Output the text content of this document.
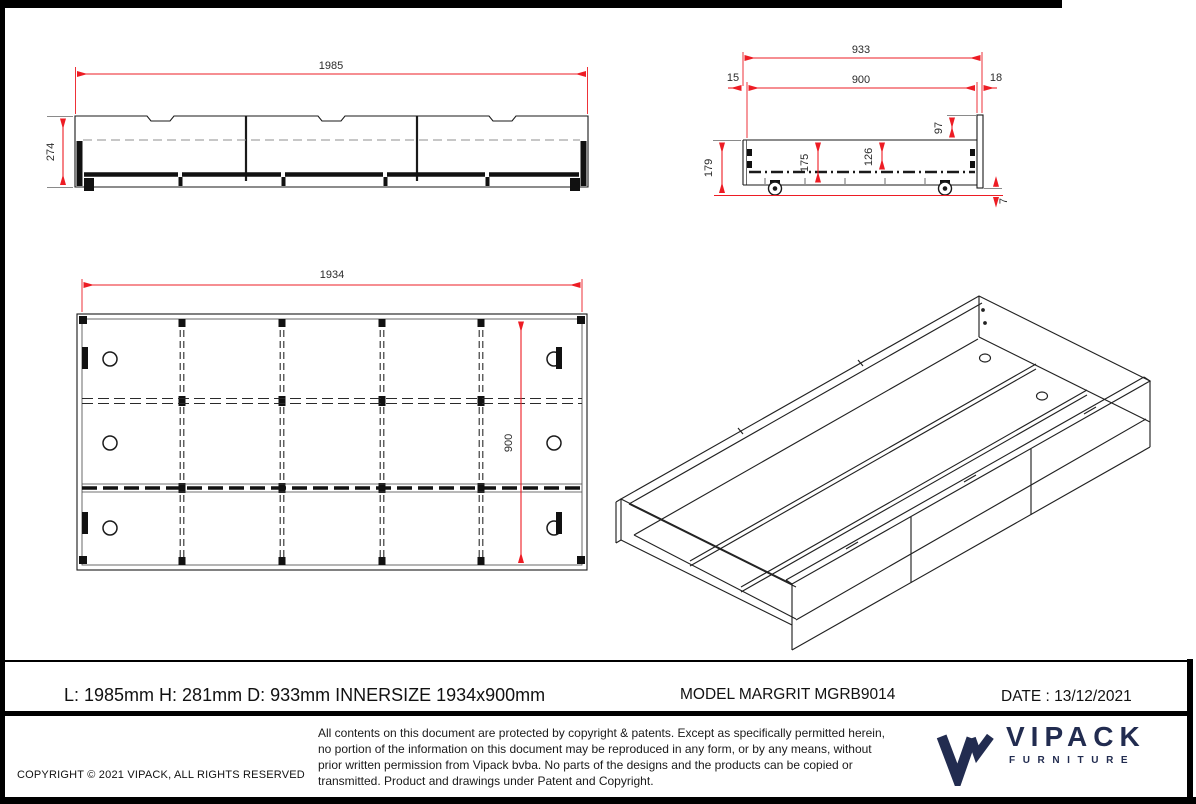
1985
274
933
900
15	18
179	175	126
97
7
1934
900
L: 1985mm H: 281mm D: 933mm INNERSIZE 1934x900mm	MODEL MARGRIT MGRB9014	DATE : 13/12/2021
COPYRIGHT © 2021 VIPACK, ALL RIGHTS RESERVED
All contents on this document are protected by copyright & patents. Except as specifically permitted herein,
no portion of the information on this document may be reproduced in any form, or by any means, without
prior written permission from Vipack bvba. No parts of the designs and the products can be copied or
transmitted. Product and drawings under Patent and Copyright.
VIPACK
FURNITURE
